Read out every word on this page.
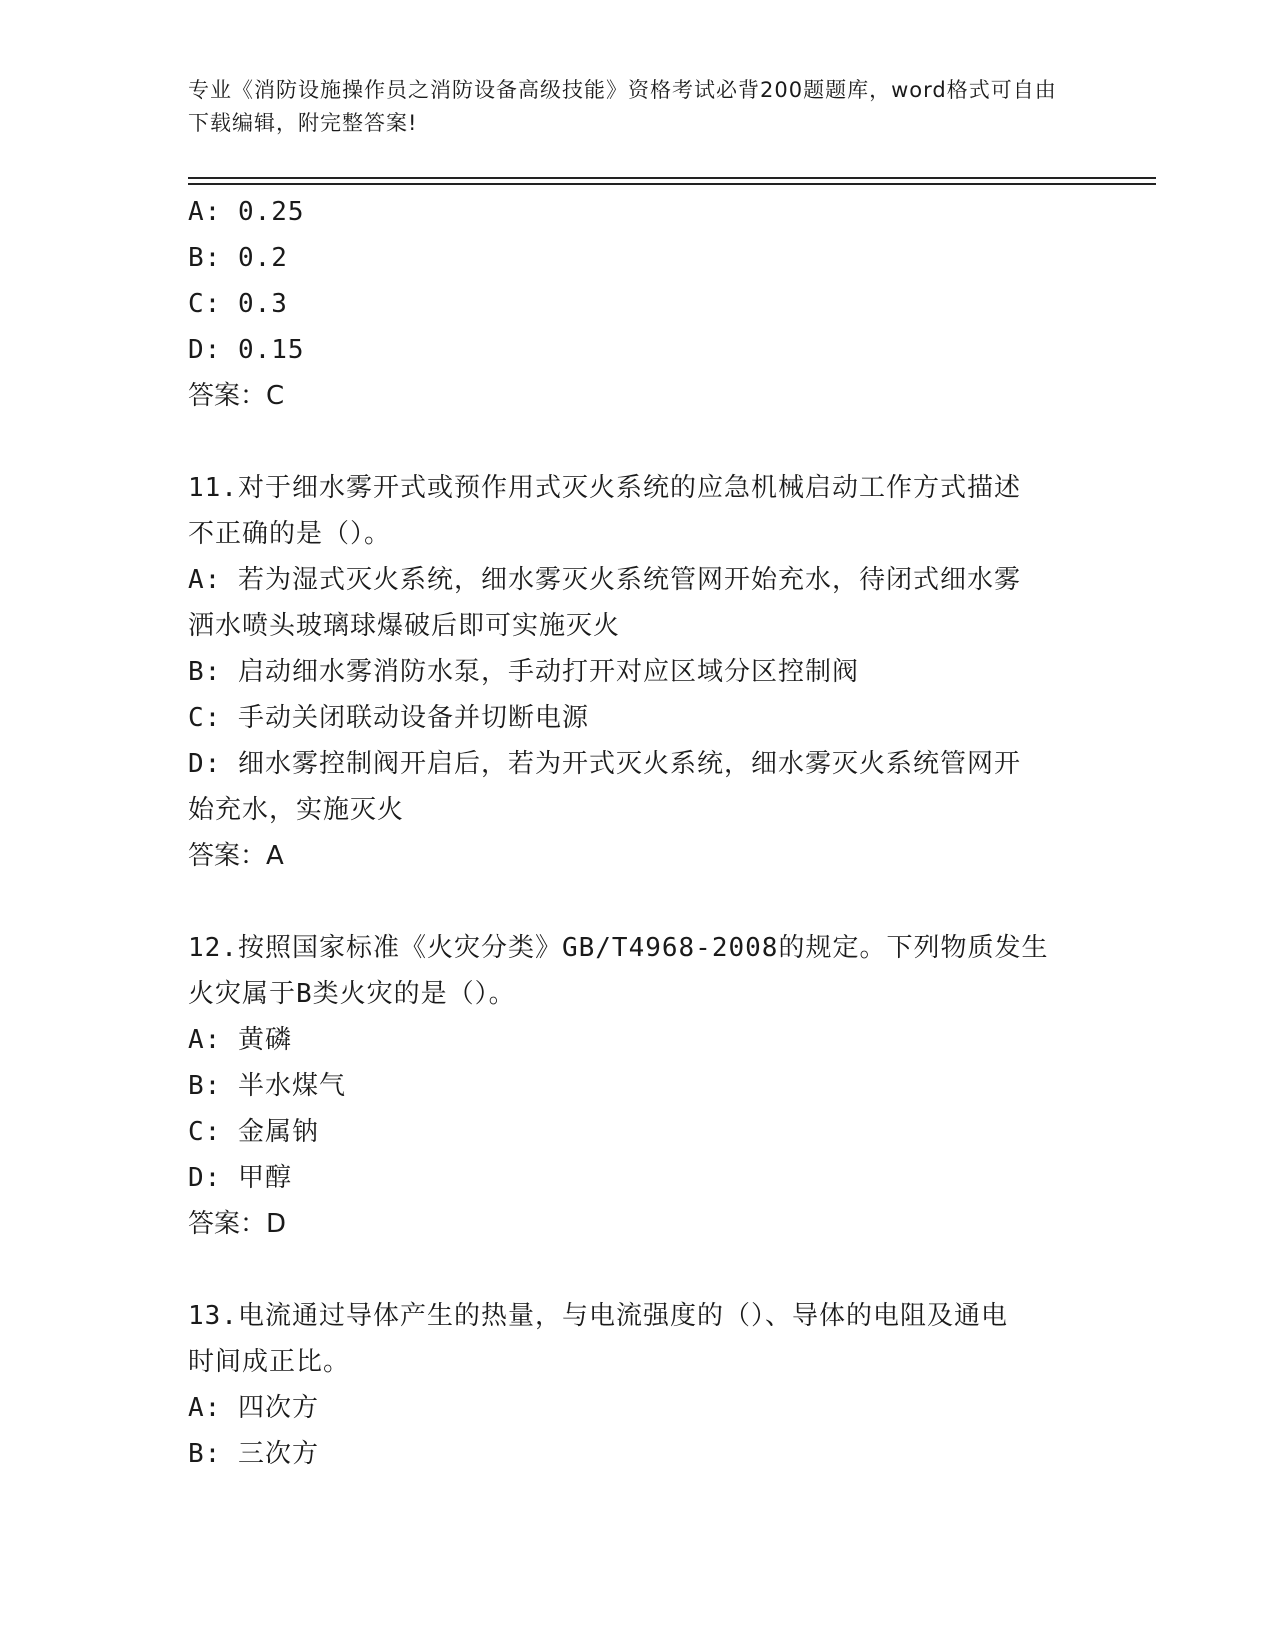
专业《消防设施操作员之消防设备高级技能》资格考试必背200题题库，word格式可自由下载编辑，附完整答案!
A: 0.25
B: 0.2
C: 0.3
D: 0.15
答案：C
11.对于细水雾开式或预作用式灭火系统的应急机械启动工作方式描述
不正确的是（）。
A: 若为湿式灭火系统，细水雾灭火系统管网开始充水，待闭式细水雾
洒水喷头玻璃球爆破后即可实施灭火
B: 启动细水雾消防水泵，手动打开对应区域分区控制阀
C: 手动关闭联动设备并切断电源
D: 细水雾控制阀开启后，若为开式灭火系统，细水雾灭火系统管网开
始充水，实施灭火
答案：A
12.按照国家标准《火灾分类》GB/T4968-2008的规定。下列物质发生
火灾属于B类火灾的是（）。
A: 黄磷
B: 半水煤气
C: 金属钠
D: 甲醇
答案：D
13.电流通过导体产生的热量，与电流强度的（）、导体的电阻及通电
时间成正比。
A: 四次方
B: 三次方
